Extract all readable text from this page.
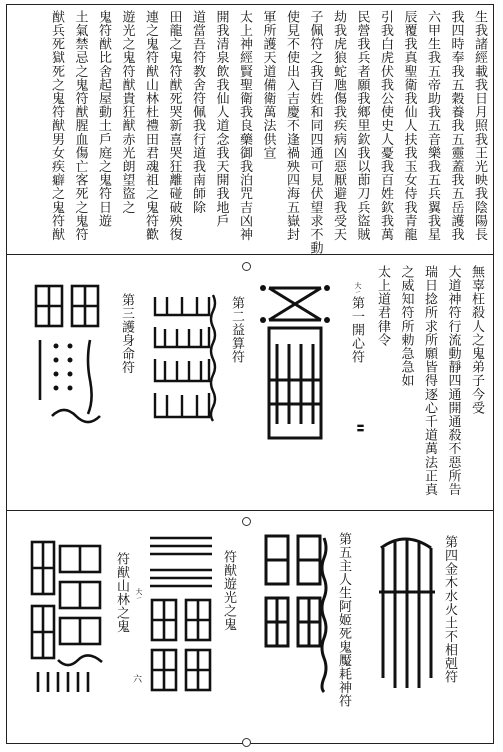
生我諸經載我日月照我王光映我陰陽長
我四時奉我五穀養我五靈蓋我五岳護我
六甲生我五帝助我五音樂我五兵翼我星
辰覆我真聖衛我仙人扶我玉女侍我青龍
引我白虎伏我公使史人憂我百姓欽我萬
民營我兵者願我鄉里欽我以莭刀兵盜賊
劫我虎狼蛇虺傷我疾病凶惡厭避我受天
子佩符之我百姓和同四通可見伏望求不動
使見不使出入吉慶不逢禍殃四海五嶽封
軍所護天道備衛萬法供宣
太上神經賢聖衛我良藥御我泊咒吉凶神
開我清泉飲我仙人道念我天開我地戶
道當吾符教舍符佩我行道我南師除
田龍之鬼符猷死哭新喜哭狂離碰破殃復
連之鬼符猷山林杜禮田君魂祖之鬼符歡
遊光之鬼符猷貴狂猷赤光朗望盜之
鬼符猷比舍起屋動土戶庭之鬼符日遊
土氣禁忌之鬼符猷腥血傷亡客死之鬼符
猷兵死獄死之鬼符猷男女疾癖之鬼符猷
無辜枉殺人之鬼弟子今受
大道神符行流動靜四通開通殺不惡所告
瑞日捻所求所願皆得逐心千道萬法正真
之威知符所勅急急如
太上道君律令
第一開心符
大ㄧ
第二益算符
第三護身命符
〓
第四金木水火土不相剋符
第五主人生阿姬死鬼魘耗神符
符猷遊光之鬼
符猷山林之鬼 大ㄧ
六
